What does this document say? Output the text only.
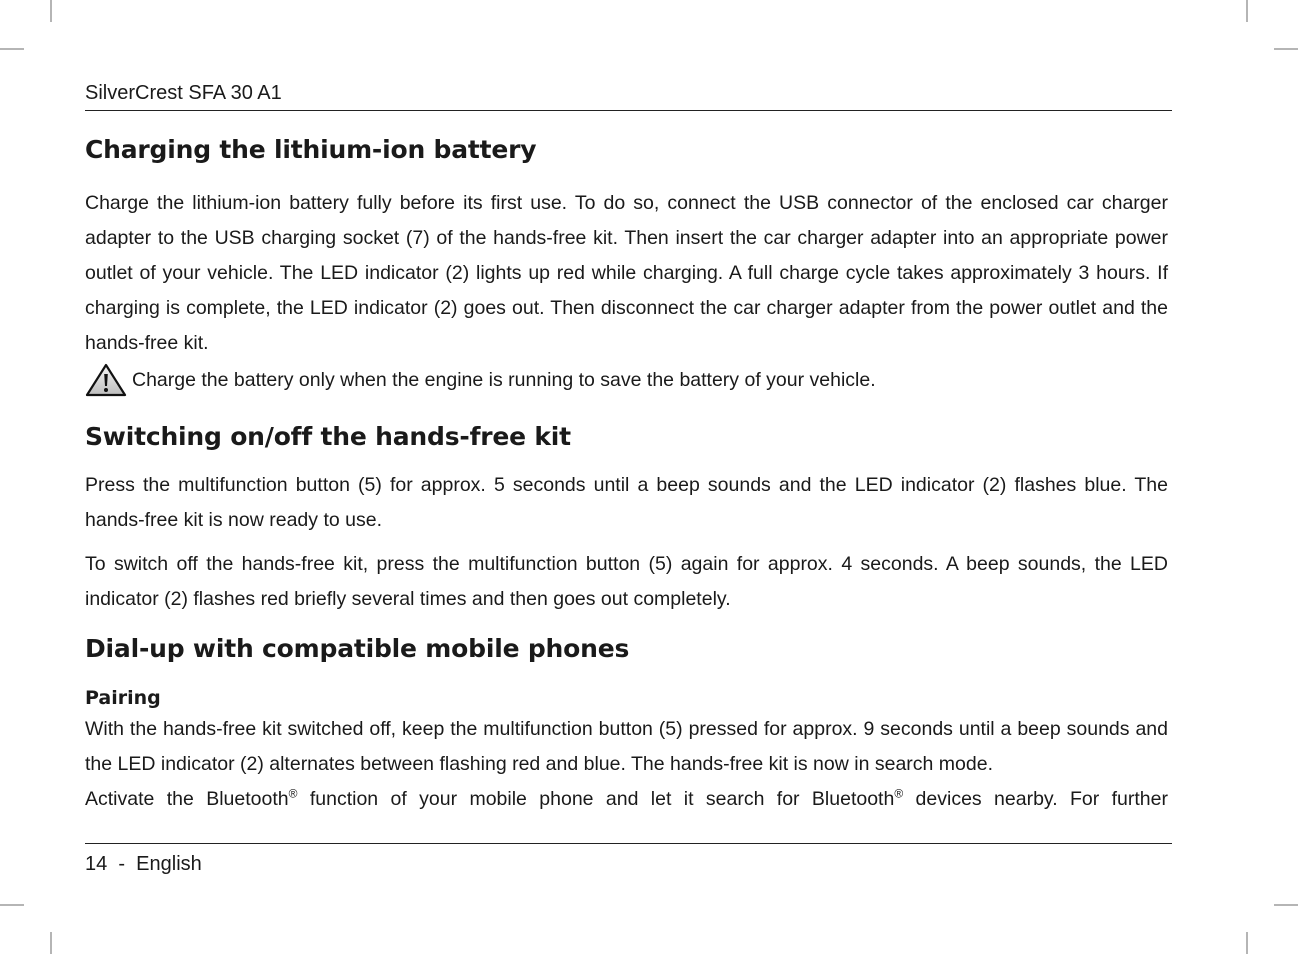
SilverCrest SFA 30 A1
Charging the lithium-ion battery

Charge the lithium-ion battery fully before its first use. To do so, connect the USB connector of the enclosed car charger adapter to the USB charging socket (7) of the hands-free kit. Then insert the car charger adapter into an appropriate power outlet of your vehicle. The LED indicator (2) lights up red while charging. A full charge cycle takes approximately 3 hours. If charging is complete, the LED indicator (2) goes out. Then disconnect the car charger adapter from the power outlet and the hands-free kit.

Charge the battery only when the engine is running to save the battery of your vehicle.
Switching on/off the hands-free kit

Press the multifunction button (5) for approx. 5 seconds until a beep sounds and the LED indicator (2) flashes blue. The hands-free kit is now ready to use.

To switch off the hands-free kit, press the multifunction button (5) again for approx. 4 seconds. A beep sounds, the LED indicator (2) flashes red briefly several times and then goes out completely.

Dial-up with compatible mobile phones
Pairing

With the hands-free kit switched off, keep the multifunction button (5) pressed for approx. 9 seconds until a beep sounds and the LED indicator (2) alternates between flashing red and blue. The hands-free kit is now in search mode.

Activate the Bluetooth® function of your mobile phone and let it search for Bluetooth® devices nearby. For further

14 - English
